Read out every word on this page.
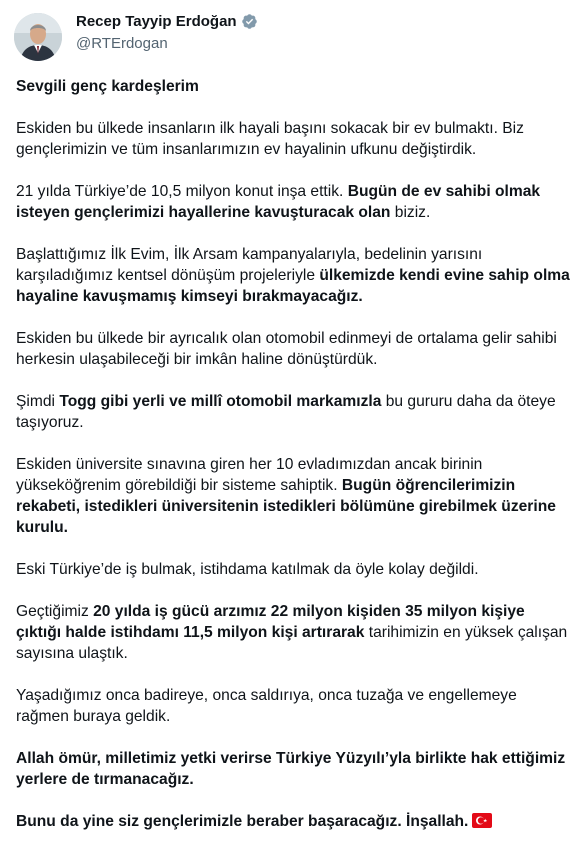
Recep Tayyip Erdoğan
@RTErdogan

Sevgili genç kardeşlerim

Eskiden bu ülkede insanların ilk hayali başını sokacak bir ev bulmaktı. Biz gençlerimizin ve tüm insanlarımızın ev hayalinin ufkunu değiştirdik.

21 yılda Türkiye’de 10,5 milyon konut inşa ettik. Bugün de ev sahibi olmak isteyen gençlerimizi hayallerine kavuşturacak olan biziz.

Başlattığımız İlk Evim, İlk Arsam kampanyalarıyla, bedelinin yarısını karşıladığımız kentsel dönüşüm projeleriyle ülkemizde kendi evine sahip olma hayaline kavuşmamış kimseyi bırakmayacağız.

Eskiden bu ülkede bir ayrıcalık olan otomobil edinmeyi de ortalama gelir sahibi herkesin ulaşabileceği bir imkân haline dönüştürdük.

Şimdi Togg gibi yerli ve millî otomobil markamızla bu gururu daha da öteye taşıyoruz.

Eskiden üniversite sınavına giren her 10 evladımızdan ancak birinin yükseköğrenim görebildiği bir sisteme sahiptik. Bugün öğrencilerimizin rekabeti, istedikleri üniversitenin istedikleri bölümüne girebilmek üzerine kurulu.

Eski Türkiye’de iş bulmak, istihdama katılmak da öyle kolay değildi.

Geçtiğimiz 20 yılda iş gücü arzımız 22 milyon kişiden 35 milyon kişiye çıktığı halde istihdamı 11,5 milyon kişi artırarak tarihimizin en yüksek çalışan sayısına ulaştık.

Yaşadığımız onca badireye, onca saldırıya, onca tuzağa ve engellemeye rağmen buraya geldik.

Allah ömür, milletimiz yetki verirse Türkiye Yüzyılı’yla birlikte hak ettiğimiz yerlere de tırmanacağız.

Bunu da yine siz gençlerimizle beraber başaracağız. İnşallah.
